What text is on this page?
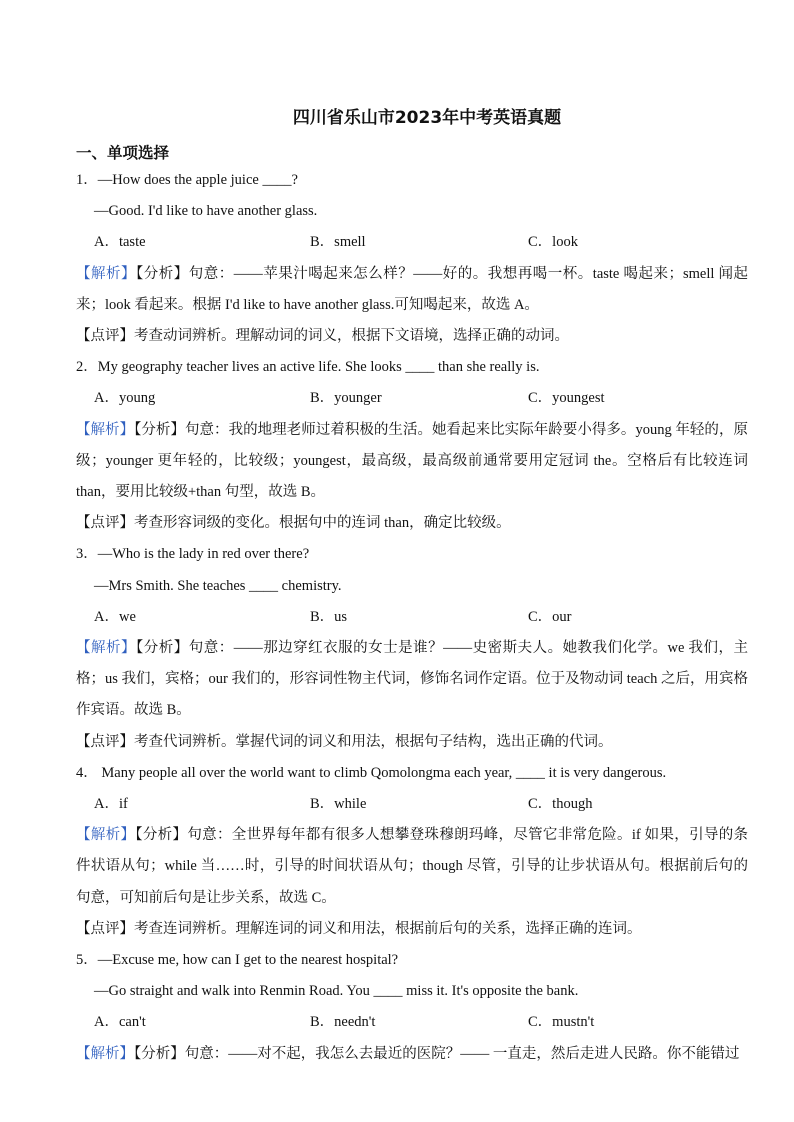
四川省乐山市2023年中考英语真题
一、单项选择
1．—How does the apple juice ____?
—Good. I'd like to have another glass.
A．taste	B．smell	C．look
【解析】【分析】句意：——苹果汁喝起来怎么样？——好的。我想再喝一杯。taste 喝起来；smell 闻起来；look 看起来。根据 I'd like to have another glass.可知喝起来，故选 A。
【点评】考查动词辨析。理解动词的词义，根据下文语境，选择正确的动词。
2．My geography teacher lives an active life. She looks ____ than she really is.
A．young	B．younger	C．youngest
【解析】【分析】句意：我的地理老师过着积极的生活。她看起来比实际年龄要小得多。young 年轻的，原级；younger 更年轻的，比较级；youngest，最高级，最高级前通常要用定冠词 the。空格后有比较连词 than，要用比较级+than 句型，故选 B。
【点评】考查形容词级的变化。根据句中的连词 than，确定比较级。
3．—Who is the lady in red over there?
—Mrs Smith. She teaches ____ chemistry.
A．we	B．us	C．our
【解析】【分析】句意：——那边穿红衣服的女士是谁？——史密斯夫人。她教我们化学。we 我们，主格；us 我们，宾格；our 我们的，形容词性物主代词，修饰名词作定语。位于及物动词 teach 之后，用宾格作宾语。故选 B。
【点评】考查代词辨析。掌握代词的词义和用法，根据句子结构，选出正确的代词。
4． Many people all over the world want to climb Qomolongma each year, ____ it is very dangerous.
A．if	B．while	C．though
【解析】【分析】句意：全世界每年都有很多人想攀登珠穆朗玛峰，尽管它非常危险。if 如果，引导的条件状语从句；while 当……时，引导的时间状语从句；though 尽管，引导的让步状语从句。根据前后句的句意，可知前后句是让步关系，故选 C。
【点评】考查连词辨析。理解连词的词义和用法，根据前后句的关系，选择正确的连词。
5．—Excuse me, how can I get to the nearest hospital?
—Go straight and walk into Renmin Road. You ____ miss it. It's opposite the bank.
A．can't	B．needn't	C．mustn't
【解析】【分析】句意：——对不起，我怎么去最近的医院？—— 一直走，然后走进人民路。你不能错过
